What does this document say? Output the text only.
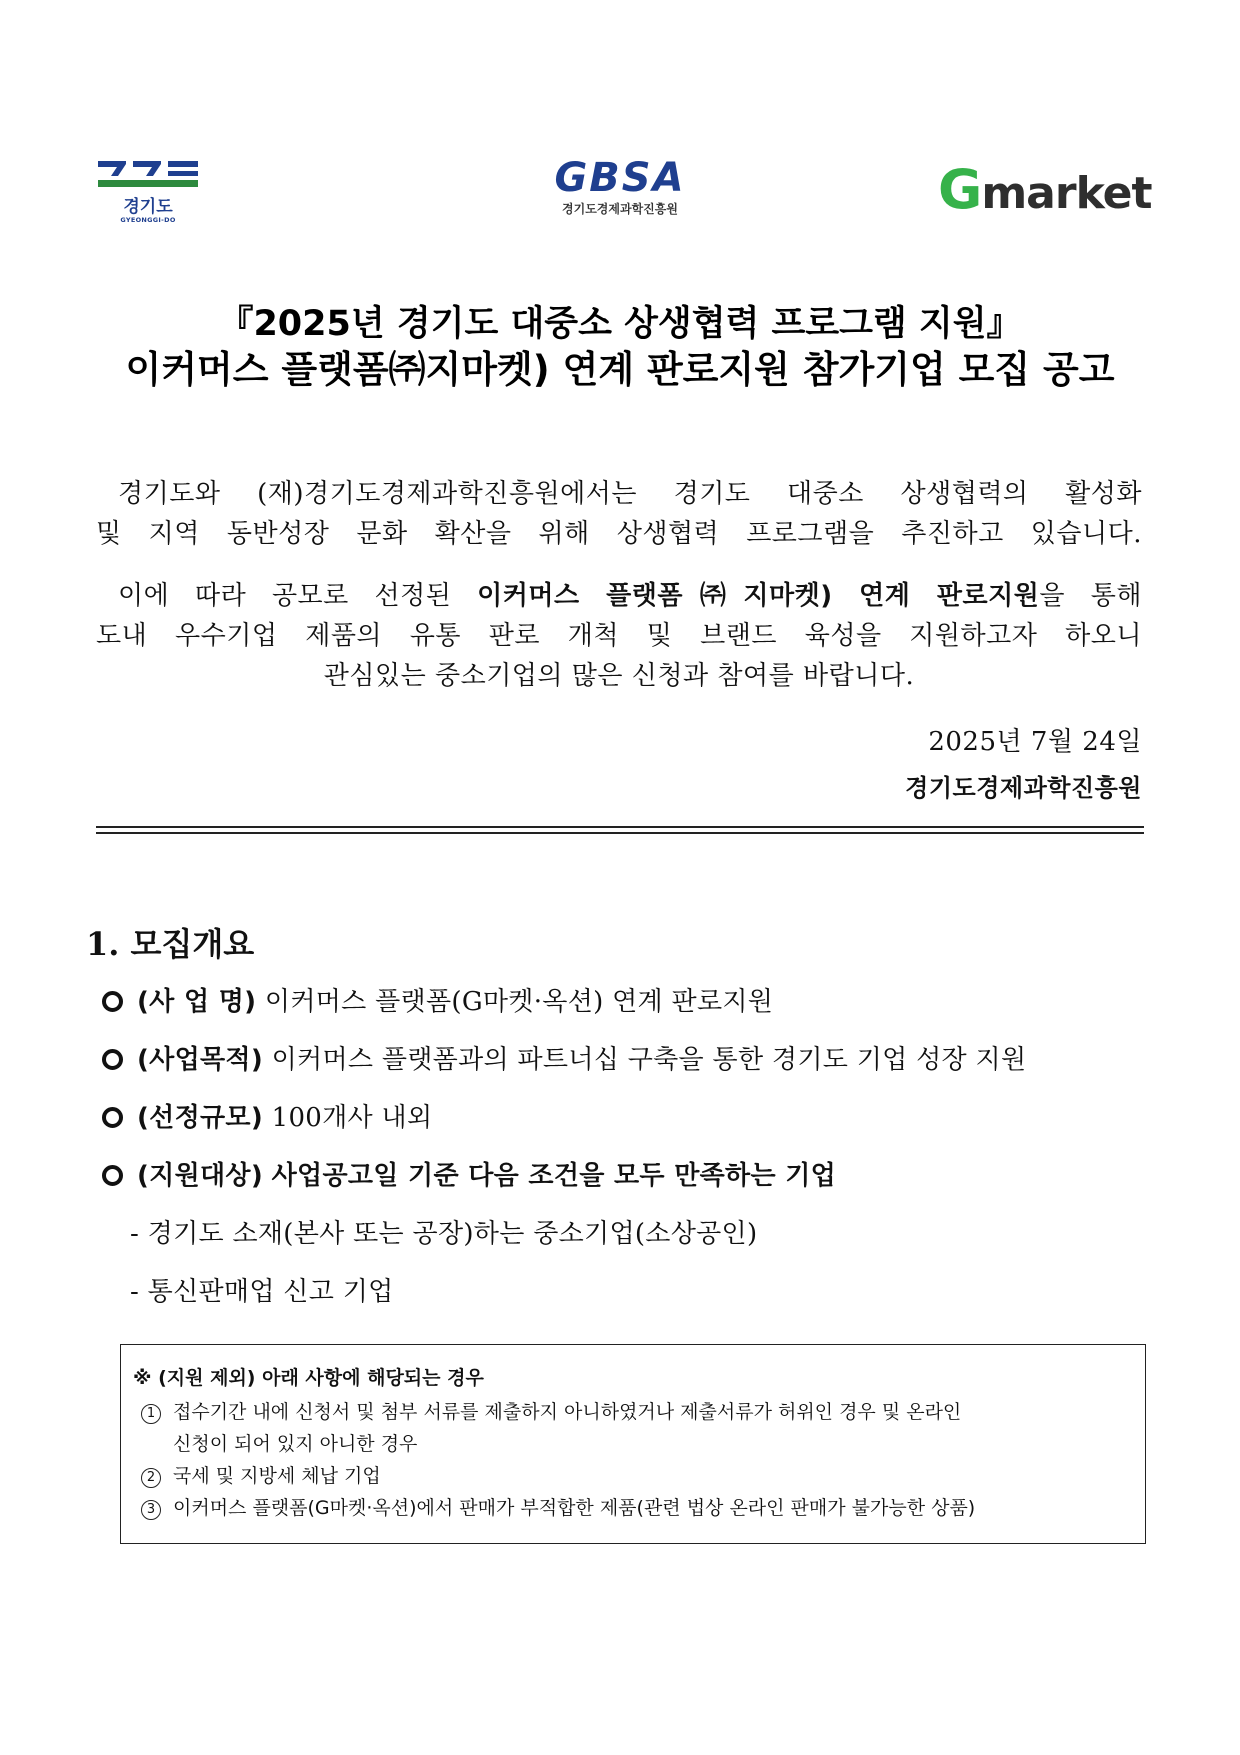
경기도
GYEONGGI-DO
GBSA
경기도경제과학진흥원	Gmarket
『2025년 경기도 대중소 상생협력 프로그램 지원』
이커머스 플랫폼㈜지마켓) 연계 판로지원 참가기업 모집 공고
경기도와 (재)경기도경제과학진흥원에서는 경기도 대중소 상생협력의 활성화
및 지역 동반성장 문화 확산을 위해 상생협력 프로그램을 추진하고 있습니다.
이에 따라 공모로 선정된 이커머스 플랫폼㈜지마켓) 연계 판로지원을 통해
도내 우수기업 제품의 유통 판로 개척 및 브랜드 육성을 지원하고자 하오니
관심있는 중소기업의 많은 신청과 참여를 바랍니다.
2025년 7월 24일
경기도경제과학진흥원
1. 모집개요
(사 업 명) 이커머스 플랫폼(G마켓·옥션) 연계 판로지원
(사업목적) 이커머스 플랫폼과의 파트너십 구축을 통한 경기도 기업 성장 지원
(선정규모) 100개사 내외
(지원대상) 사업공고일 기준 다음 조건을 모두 만족하는 기업
- 경기도 소재(본사 또는 공장)하는 중소기업(소상공인)
- 통신판매업 신고 기업
※ (지원 제외) 아래 사항에 해당되는 경우
1 접수기간 내에 신청서 및 첨부 서류를 제출하지 아니하였거나 제출서류가 허위인 경우 및 온라인
신청이 되어 있지 아니한 경우
2 국세 및 지방세 체납 기업
3 이커머스 플랫폼(G마켓·옥션)에서 판매가 부적합한 제품(관련 법상 온라인 판매가 불가능한 상품)
